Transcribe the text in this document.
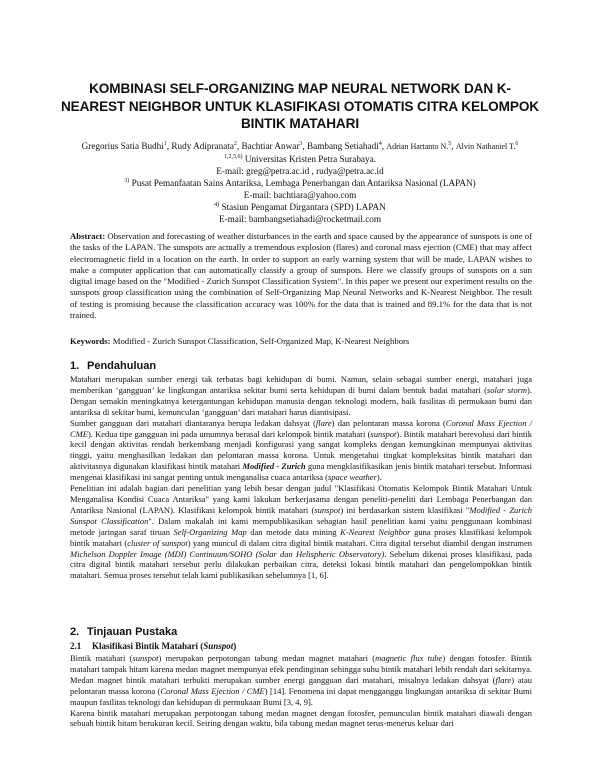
KOMBINASI SELF-ORGANIZING MAP NEURAL NETWORK DAN K-NEAREST NEIGHBOR UNTUK KLASIFIKASI OTOMATIS CITRA KELOMPOK BINTIK MATAHARI
Gregorius Satia Budhi$^1$, Rudy Adipranata$^2$, Bachtiar Anwar$^3$, Bambang Setiahadi$^4$, Adrian Hartanto N.$^5$, Alvin Nathaniel T.$^6$
$^{1,2,5,6)}$ Universitas Kristen Petra Surabaya.
E-mail: greg@petra.ac.id , rudya@petra.ac.id
$^{3)}$ Pusat Pemanfaatan Sains Antariksa, Lembaga Penerbangan dan Antariksa Nasional (LAPAN)
E-mail: bachtiara@yahoo.com
$^{4)}$ Stasiun Pengamat Dirgantara (SPD) LAPAN
E-mail: bambangsetiahadi@rocketmail.com
Abstract: Observation and forecasting of weather disturbances in the earth and space caused by the appearance of sunspots is one of the tasks of the LAPAN. The sunspots are actually a tremendous explosion (flares) and coronal mass ejection (CME) that may affect electromagnetic field in a location on the earth. In order to support an early warning system that will be made, LAPAN wishes to make a computer application that can automatically classify a group of sunspots. Here we classify groups of sunspots on a sun digital image based on the "Modified - Zurich Sunspot Classification System". In this paper we present our experiment results on the sunspots group classification using the combination of Self-Organizing Map Neural Networks and K-Nearest Neighbor. The result of testing is promising because the classification accuracy was 100% for the data that is trained and 89.1% for the data that is not trained.
Keywords: Modified - Zurich Sunspot Classification, Self-Organized Map, K-Nearest Neighbors
1. Pendahuluan

Matahari merupakan sumber energi tak terbatas bagi kehidupan di bumi. Namun, selain sebagai sumber energi, matahari juga memberikan ‘gangguan’ ke lingkungan antariksa sekitar bumi serta kehidupan di bumi dalam bentuk badai matahari (solar storm). Dengan semakin meningkatnya ketergantungan kehidupan manusia dengan teknologi modern, baik fasilitas di permukaan bumi dan antariksa di sekitar bumi, kemunculan ‘gangguan’ dari matahari harus diantisipasi.

Sumber gangguan dari matahari diantaranya berupa ledakan dahsyat (flare) dan pelontaran massa korona (Coronal Mass Ejection / CME). Kedua tipe gangguan ini pada umumnya berasal dari kelompok bintik matahari (sunspot). Bintik matahari berevolusi dari bintik kecil dengan aktivitas rendah berkembang menjadi konfigurasi yang sangat kompleks dengan kemungkinan mempunyai aktivitas tinggi, yaitu menghasilkan ledakan dan pelontaran massa korona. Untuk mengetahui tingkat kompleksitas bintik matahari dan aktivitasnya digunakan klasifikasi bintik matahari Modified - Zurich guna mengklasifikasikan jenis bintik matahari tersebut. Informasi mengenai klasifikasi ini sangat penting untuk menganalisa cuaca antariksa (space weather).

Penelitian ini adalah bagian dari penelitian yang lebih besar dengan judul "Klasifikasi Otomatis Kelompok Bintik Matahari Untuk Menganalisa Kondisi Cuaca Antariksa" yang kami lakukan berkerjasama dengan peneliti-peneliti dari Lembaga Penerbangan dan Antariksa Nasional (LAPAN). Klasifikasi kelompok bintik matahari (sunspot) ini berdasarkan sistem klasifikasi "Modified - Zurich Sunspot Classification". Dalam makalah ini kami mempublikasikan sebagian hasil penelitian kami yaitu penggunaan kombinasi metode jaringan saraf tiruan Self-Organizing Map dan metode data mining K-Nearest Neighbor guna proses klasifikasi kelompok bintik matahari (cluster of sunspot) yang muncul di dalam citra digital bintik matahari. Citra digital tersebut diambil dengan instrumen Michelson Doppler Image (MDI) Continuum/SOHO (Solar dan Helispheric Observatory). Sebelum dikenai proses klasifikasi, pada citra digital bintik matahari tersebut perlu dilakukan perbaikan citra, deteksi lokasi bintik matahari dan pengelompokkan bintik matahari. Semua proses tersebut telah kami publikasikan sebelumnya [1, 6].

2. Tinjauan Pustaka
2.1 Klasifikasi Bintik Matahari (Sunspot)

Bintik matahari (sunspot) merupakan perpotongan tabung medan magnet matahari (magnetic flux tube) dengan fotosfer. Bintik matahari tampak hitam karena medan magnet mempunyai efek pendinginan sehingga suhu bintik matahari lebih rendah dari sekitarnya. Medan magnet bintik matahari terbukti merupakan sumber energi gangguan dari matahari, misalnya ledakan dahsyat (flare) atau pelontaran massa korona (Coronal Mass Ejection / CME) [14]. Fenomena ini dapat mengganggu lingkungan antariksa di sekitar Bumi maupun fasilitas teknologi dan kehidupan di permukaan Bumi [3, 4, 9].

Karena bintik matahari merupakan perpotongan tabung medan magnet dengan fotosfer, pemunculan bintik matahari diawali dengan sebuah bintik hitam berukuran kecil. Seiring dengan waktu, bila tabung medan magnet terus-menerus keluar dari
